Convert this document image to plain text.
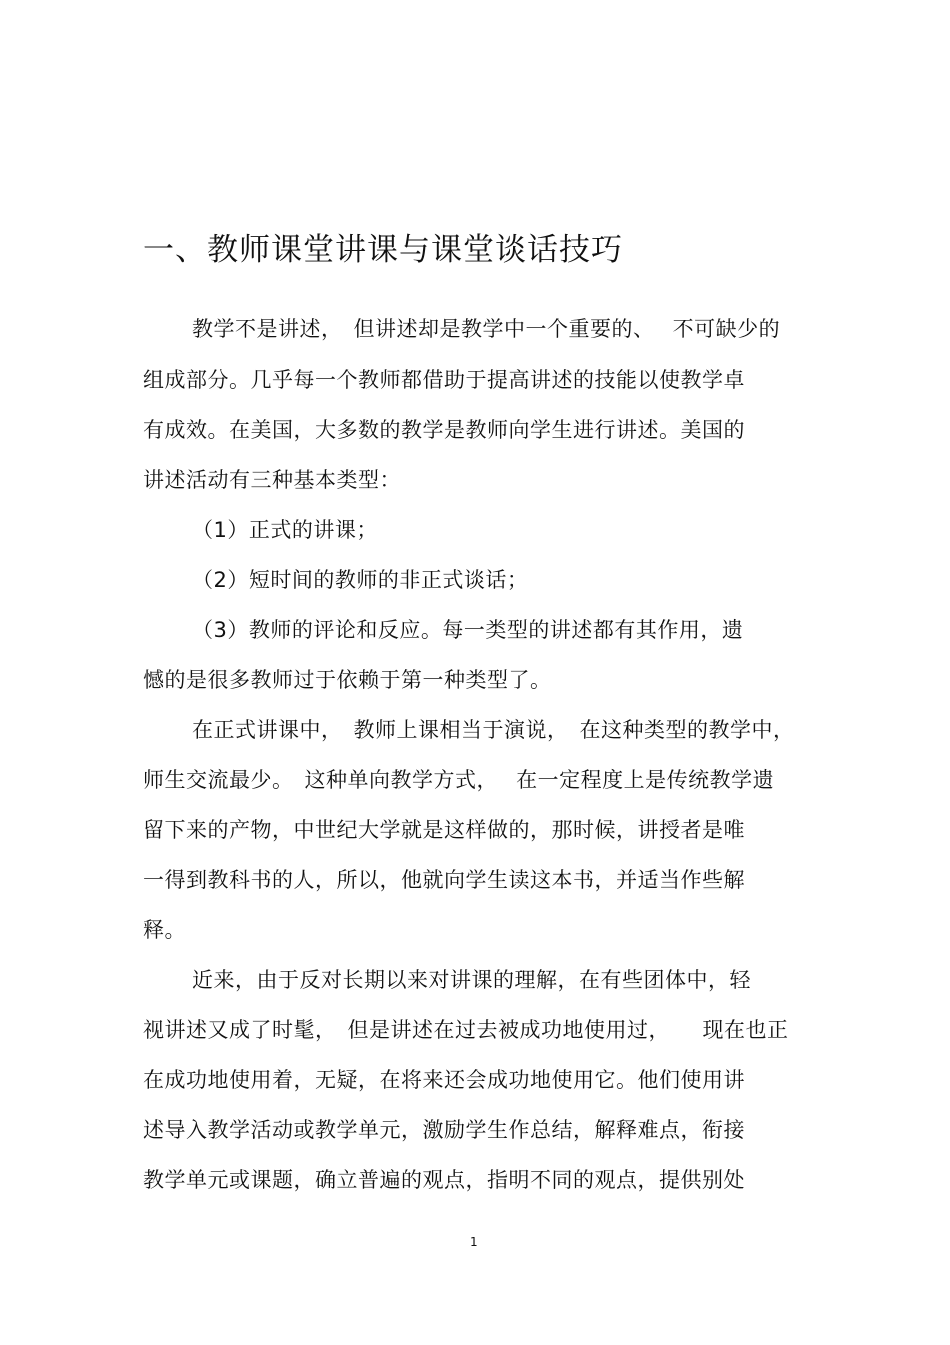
一、教师课堂讲课与课堂谈话技巧
教学不是讲述，　但讲述却是教学中一个重要的、　 不可缺少的
组成部分。几乎每一个教师都借助于提高讲述的技能以使教学卓
有成效。在美国，大多数的教学是教师向学生进行讲述。美国的
讲述活动有三种基本类型：
（1）正式的讲课；
（2）短时间的教师的非正式谈话；
（3）教师的评论和反应。每一类型的讲述都有其作用，遗
憾的是很多教师过于依赖于第一种类型了。
在正式讲课中，　教师上课相当于演说，　在这种类型的教学中，
师生交流最少。　这种单向教学方式，　 在一定程度上是传统教学遗
留下来的产物，中世纪大学就是这样做的，那时候，讲授者是唯
一得到教科书的人，所以，他就向学生读这本书，并适当作些解
释。
近来，由于反对长期以来对讲课的理解，在有些团体中，轻
视讲述又成了时髦，　但是讲述在过去被成功地使用过，　　现在也正
在成功地使用着，无疑，在将来还会成功地使用它。他们使用讲
述导入教学活动或教学单元，激励学生作总结，解释难点，衔接
教学单元或课题，确立普遍的观点，指明不同的观点，提供别处
1
